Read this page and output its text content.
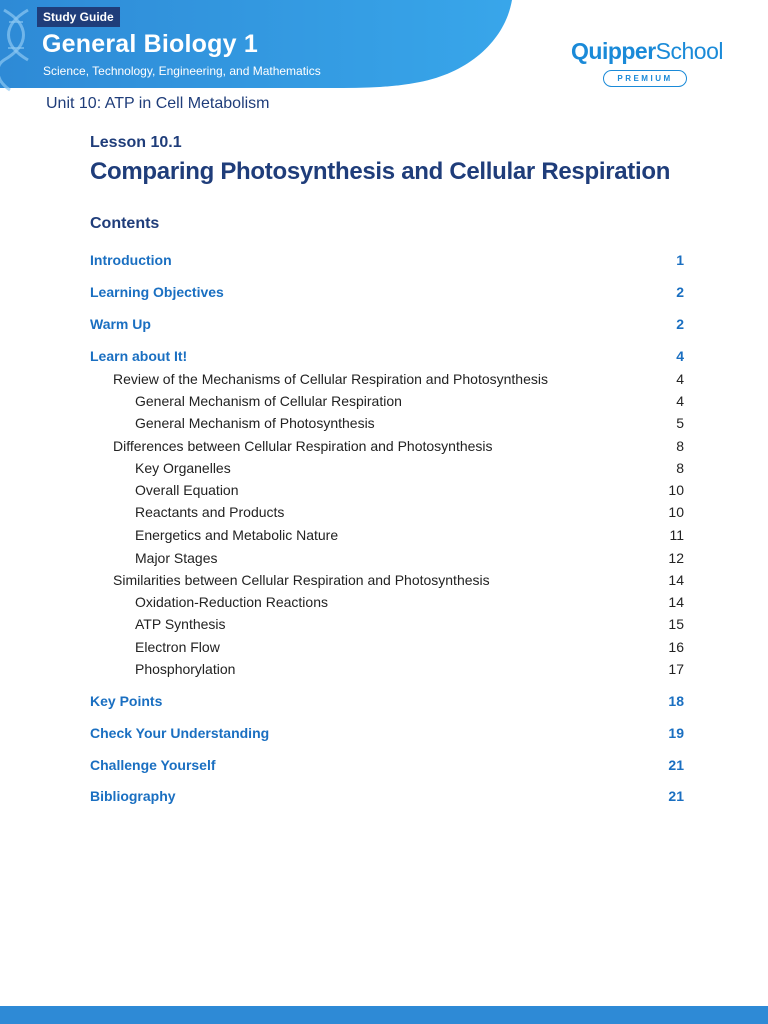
Study Guide
General Biology 1
Science, Technology, Engineering, and Mathematics
QuipperSchool
PREMIUM
Unit 10: ATP in Cell Metabolism
Lesson 10.1
Comparing Photosynthesis and Cellular Respiration
Contents
Introduction	1
Learning Objectives	2
Warm Up	2
Learn about It!	4
Review of the Mechanisms of Cellular Respiration and Photosynthesis	4
General Mechanism of Cellular Respiration	4
General Mechanism of Photosynthesis	5
Differences between Cellular Respiration and Photosynthesis	8
Key Organelles	8
Overall Equation	10
Reactants and Products	10
Energetics and Metabolic Nature	11
Major Stages	12
Similarities between Cellular Respiration and Photosynthesis	14
Oxidation-Reduction Reactions	14
ATP Synthesis	15
Electron Flow	16
Phosphorylation	17
Key Points	18
Check Your Understanding	19
Challenge Yourself	21
Bibliography	21
